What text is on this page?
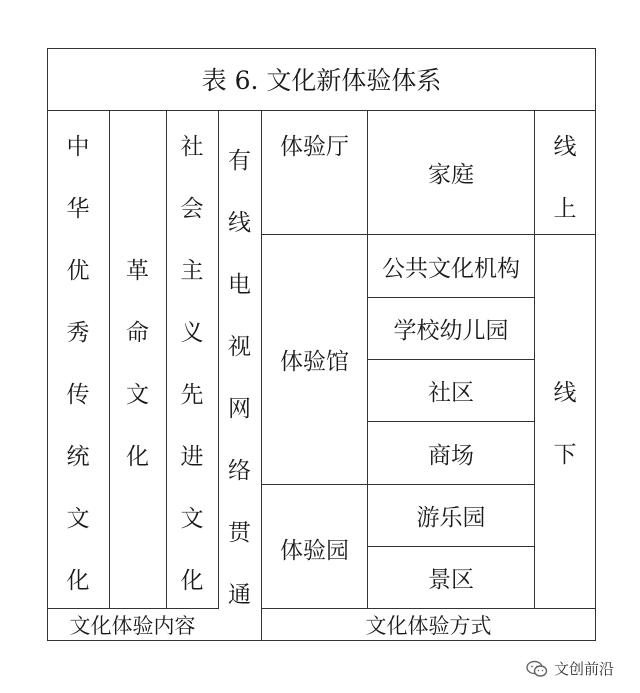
表 6. 文化新体验体系
中
华
优
秀
传
统
文
化
革
命
文
化
社
会
主
义
先
进
文
化
有
线
电
视
网
络
贯
通
体验厅
体验馆
体验园
家庭
公共文化机构
学校幼儿园
社区
商场
游乐园
景区
线
上
线
下
文化体验内容	文化体验方式
文创前沿
